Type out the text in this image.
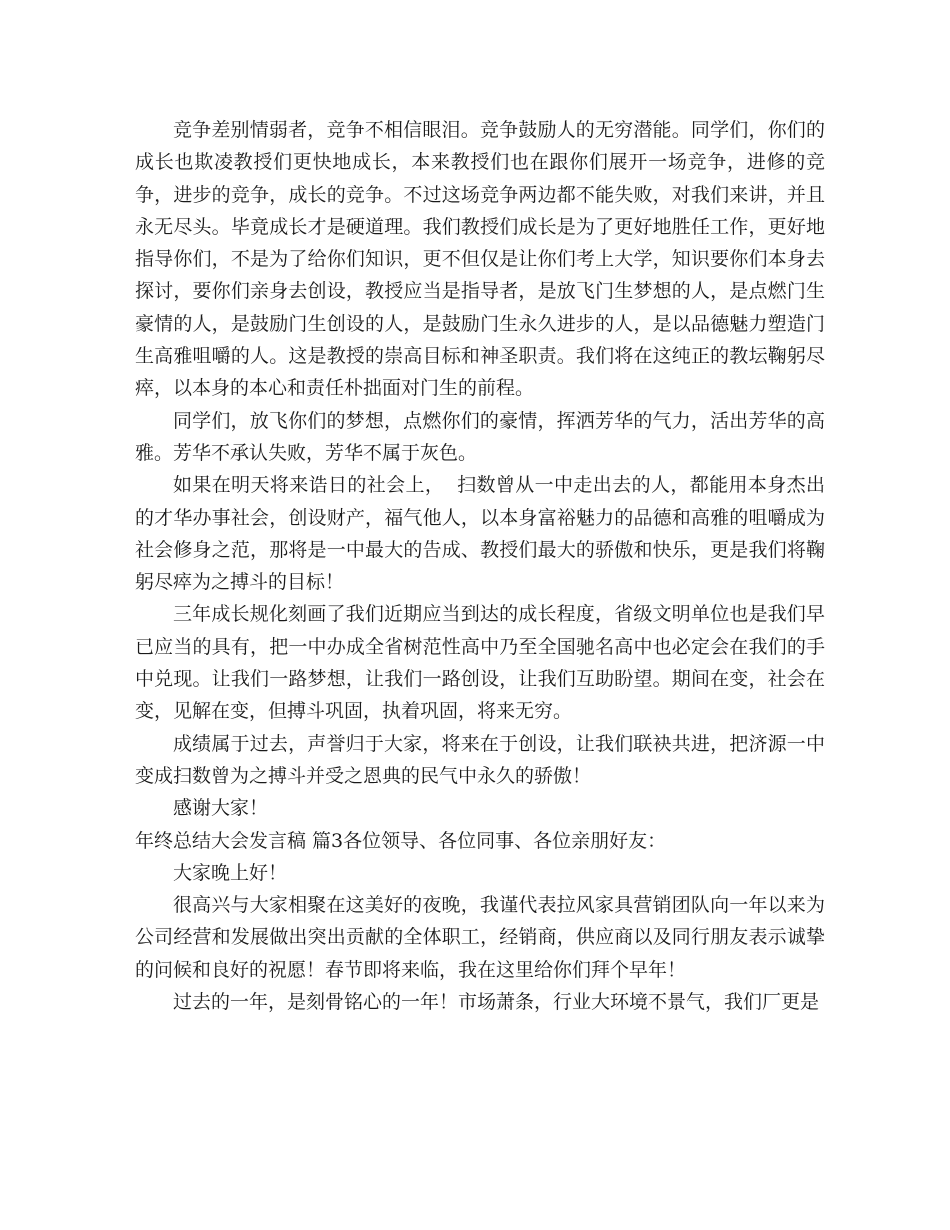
竞争差别情弱者，竞争不相信眼泪。竞争鼓励人的无穷潜能。同学们，你们的成长也欺凌教授们更快地成长，本来教授们也在跟你们展开一场竞争，进修的竞争，进步的竞争，成长的竞争。不过这场竞争两边都不能失败，对我们来讲，并且永无尽头。毕竟成长才是硬道理。我们教授们成长是为了更好地胜任工作，更好地指导你们，不是为了给你们知识，更不但仅是让你们考上大学，知识要你们本身去探讨，要你们亲身去创设，教授应当是指导者，是放飞门生梦想的人，是点燃门生豪情的人，是鼓励门生创设的人，是鼓励门生永久进步的人，是以品德魅力塑造门生高雅咀嚼的人。这是教授的崇高目标和神圣职责。我们将在这纯正的教坛鞠躬尽瘁，以本身的本心和责任朴拙面对门生的前程。

同学们，放飞你们的梦想，点燃你们的豪情，挥洒芳华的气力，活出芳华的高雅。芳华不承认失败，芳华不属于灰色。

如果在明天将来诰日的社会上，  扫数曾从一中走出去的人，都能用本身杰出的才华办事社会，创设财产，福气他人，以本身富裕魅力的品德和高雅的咀嚼成为社会修身之范，那将是一中最大的告成、教授们最大的骄傲和快乐，更是我们将鞠躬尽瘁为之搏斗的目标！

三年成长规化刻画了我们近期应当到达的成长程度，省级文明单位也是我们早已应当的具有，把一中办成全省树范性高中乃至全国驰名高中也必定会在我们的手中兑现。让我们一路梦想，让我们一路创设，让我们互助盼望。期间在变，社会在变，见解在变，但搏斗巩固，执着巩固，将来无穷。

成绩属于过去，声誉归于大家，将来在于创设，让我们联袂共进，把济源一中变成扫数曾为之搏斗并受之恩典的民气中永久的骄傲！

感谢大家！

年终总结大会发言稿 篇3各位领导、各位同事、各位亲朋好友：

大家晚上好！

很高兴与大家相聚在这美好的夜晚，我谨代表拉风家具营销团队向一年以来为公司经营和发展做出突出贡献的全体职工，经销商，供应商以及同行朋友表示诚挚的问候和良好的祝愿！春节即将来临，我在这里给你们拜个早年！

过去的一年，是刻骨铭心的一年！市场萧条，行业大环境不景气，我们厂更是
